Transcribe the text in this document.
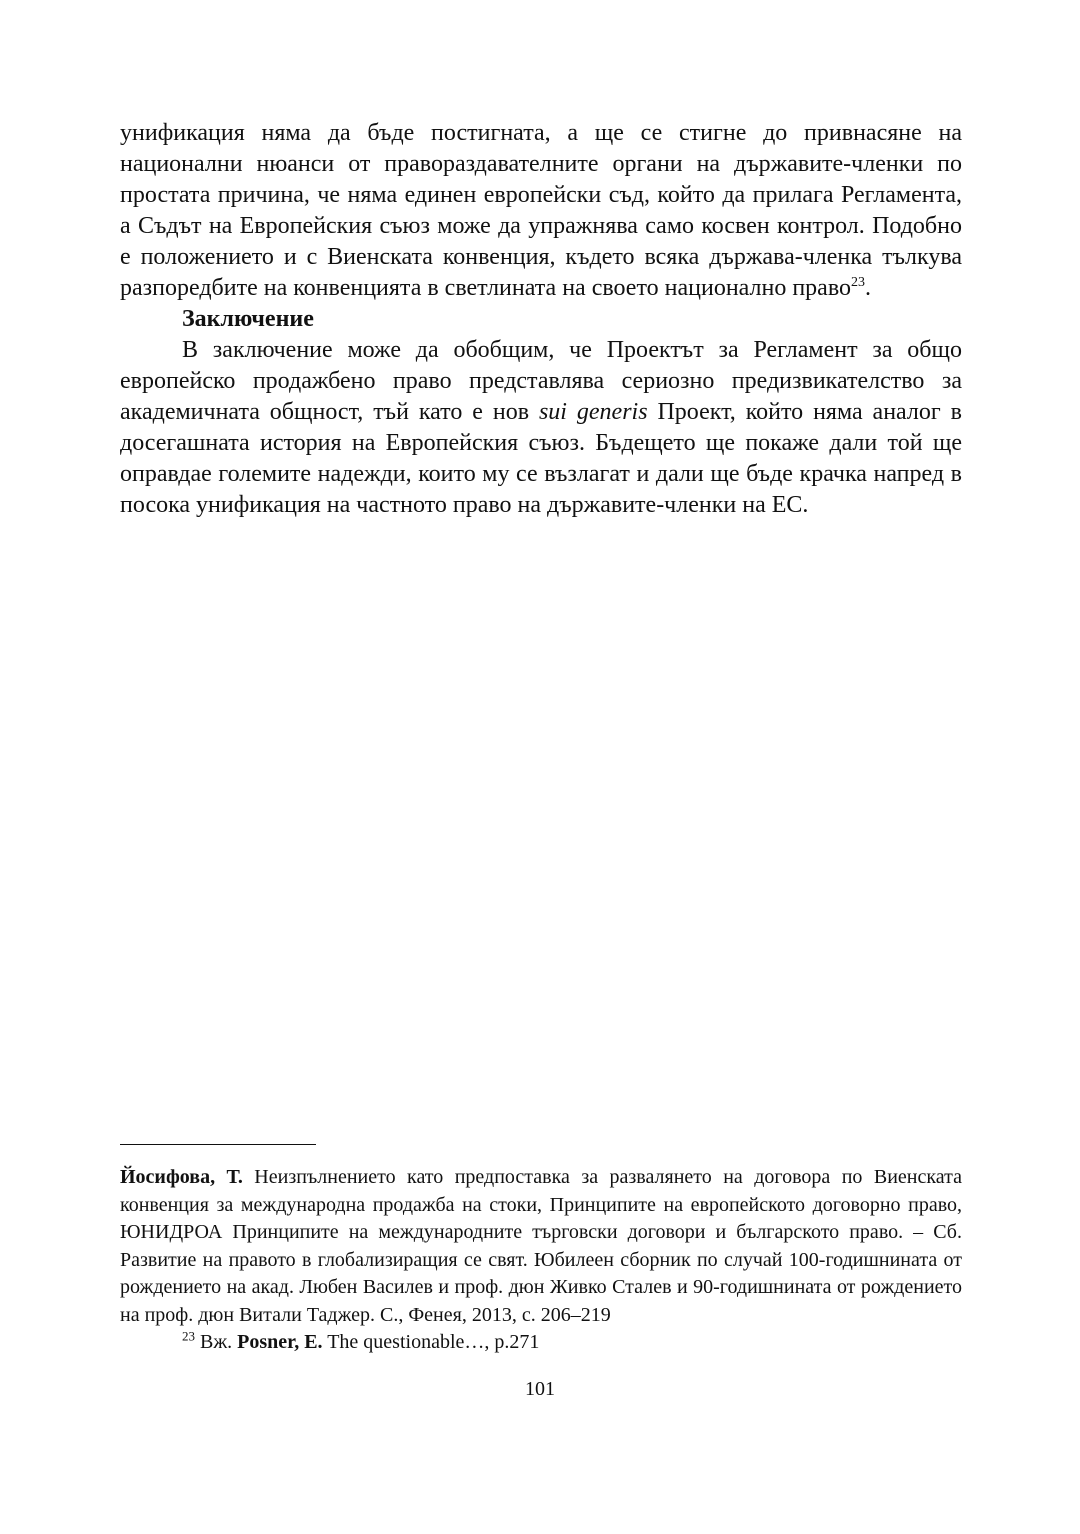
унификация няма да бъде постигната, а ще се стигне до привнасяне на национални нюанси от правораздавателните органи на държавите-членки по простата причина, че няма единен европейски съд, който да прилага Регламента, а Съдът на Европейския съюз може да упражнява само косвен контрол. Подобно е положението и с Виенската конвенция, където всяка държава-членка тълкува разпоредбите на конвенцията в светлината на своето национално право$^{23}$.

Заключение

В заключение може да обобщим, че Проектът за Регламент за общо европейско продажбено право представлява сериозно предизвикателство за академичната общност, тъй като е нов sui generis Проект, който няма аналог в досегашната история на Европейския съюз. Бъдещето ще покаже дали той ще оправдае големите надежди, които му се възлагат и дали ще бъде крачка напред в посока унификация на частното право на държавите-членки на ЕС.

Йосифова, Т. Неизпълнението като предпоставка за развалянето на договора по Виенската конвенция за международна продажба на стоки, Принципите на европейското договорно право, ЮНИДРОА Принципите на международните търговски договори и българското право. – Сб. Развитие на правото в глобализиращия се свят. Юбилеен сборник по случай 100-годишнината от рождението на акад. Любен Василев и проф. дюн Живко Сталев и 90-годишнината от рождението на проф. дюн Витали Таджер. С., Фенея, 2013, с. 206–219

$^{23}$ Вж. Posner, E. The questionable…, p.271

101
